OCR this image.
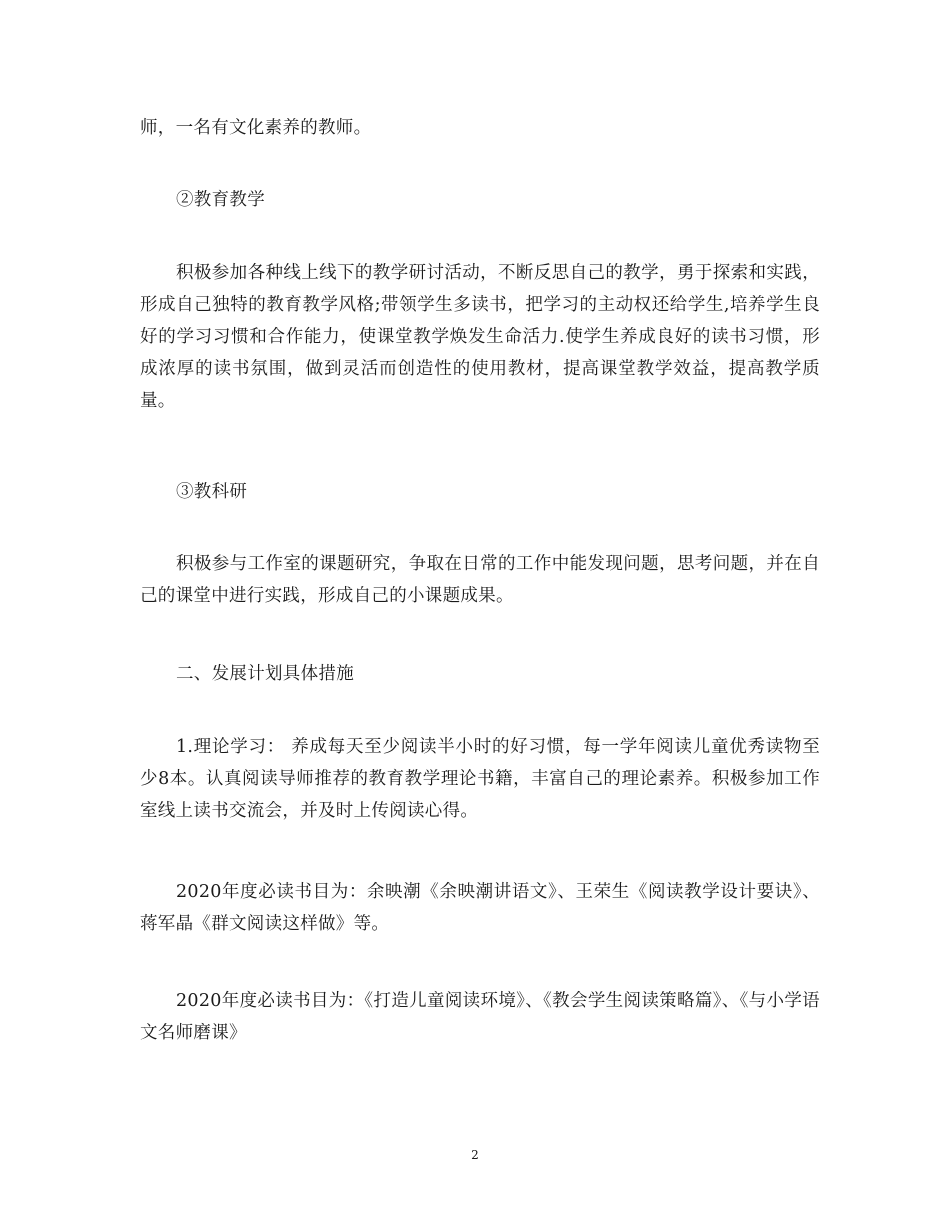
师，一名有文化素养的教师。
②教育教学
积极参加各种线上线下的教学研讨活动，不断反思自己的教学，勇于探索和实践，形成自己独特的教育教学风格;带领学生多读书，把学习的主动权还给学生,培养学生良好的学习习惯和合作能力，使课堂教学焕发生命活力.使学生养成良好的读书习惯，形成浓厚的读书氛围，做到灵活而创造性的使用教材，提高课堂教学效益，提高教学质量。
③教科研
积极参与工作室的课题研究，争取在日常的工作中能发现问题，思考问题，并在自己的课堂中进行实践，形成自己的小课题成果。
二、发展计划具体措施
1.理论学习： 养成每天至少阅读半小时的好习惯，每一学年阅读儿童优秀读物至少8本。认真阅读导师推荐的教育教学理论书籍，丰富自己的理论素养。积极参加工作室线上读书交流会，并及时上传阅读心得。
2020年度必读书目为：余映潮《余映潮讲语文》、王荣生《阅读教学设计要诀》、蒋军晶《群文阅读这样做》等。
2020年度必读书目为：《打造儿童阅读环境》、《教会学生阅读策略篇》、《与小学语文名师磨课》
2
